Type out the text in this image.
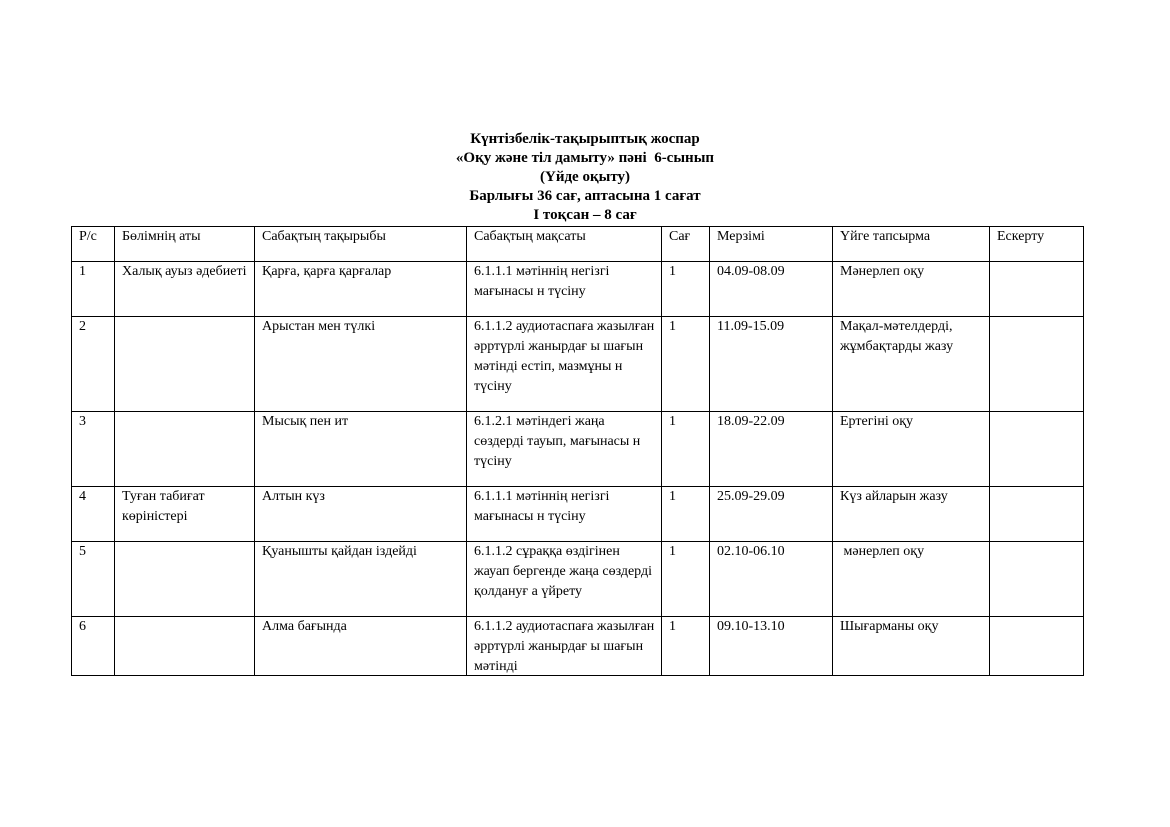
Күнтізбелік-тақырыптық жоспар
«Оқу және тіл дамыту» пәні  6-сынып
(Үйде оқыту)
Барлығы 36 сағ, аптасына 1 сағат
I тоқсан – 8 сағ
Р/с	Бөлімнің аты	Сабақтың тақырыбы	Сабақтың мақсаты	Сағ	Мерзімі	Үйге тапсырма	Ескерту
1	Халық ауыз әдебиеті	Қарға, қарға қарғалар	6.1.1.1 мәтіннің негізгі мағынасы н түсіну	1	04.09-08.09	Мәнерлеп оқу	
2		Арыстан мен түлкі	6.1.1.2 аудиотаспаға жазылған әрртүрлі жанырдағ ы шағын мәтінді естіп, мазмұны н түсіну	1	11.09-15.09	Мақал-мәтелдерді, жұмбақтарды жазу	
3		Мысық пен ит	6.1.2.1 мәтіндегі жаңа сөздерді тауып, мағынасы н түсіну	1	18.09-22.09	Ертегіні оқу	
4	Туған табиғат көріністері	Алтын күз	6.1.1.1 мәтіннің негізгі мағынасы н түсіну	1	25.09-29.09	Күз айларын жазу	
5		Қуанышты қайдан іздейді	6.1.1.2 сұраққа өздігінен жауап бергенде жаңа сөздерді қолдануғ а үйрету	1	02.10-06.10	мәнерлеп оқу	
6		Алма бағында	6.1.1.2 аудиотаспаға жазылған әрртүрлі жанырдағ ы шағын мәтінді	1	09.10-13.10	Шығарманы оқу	
